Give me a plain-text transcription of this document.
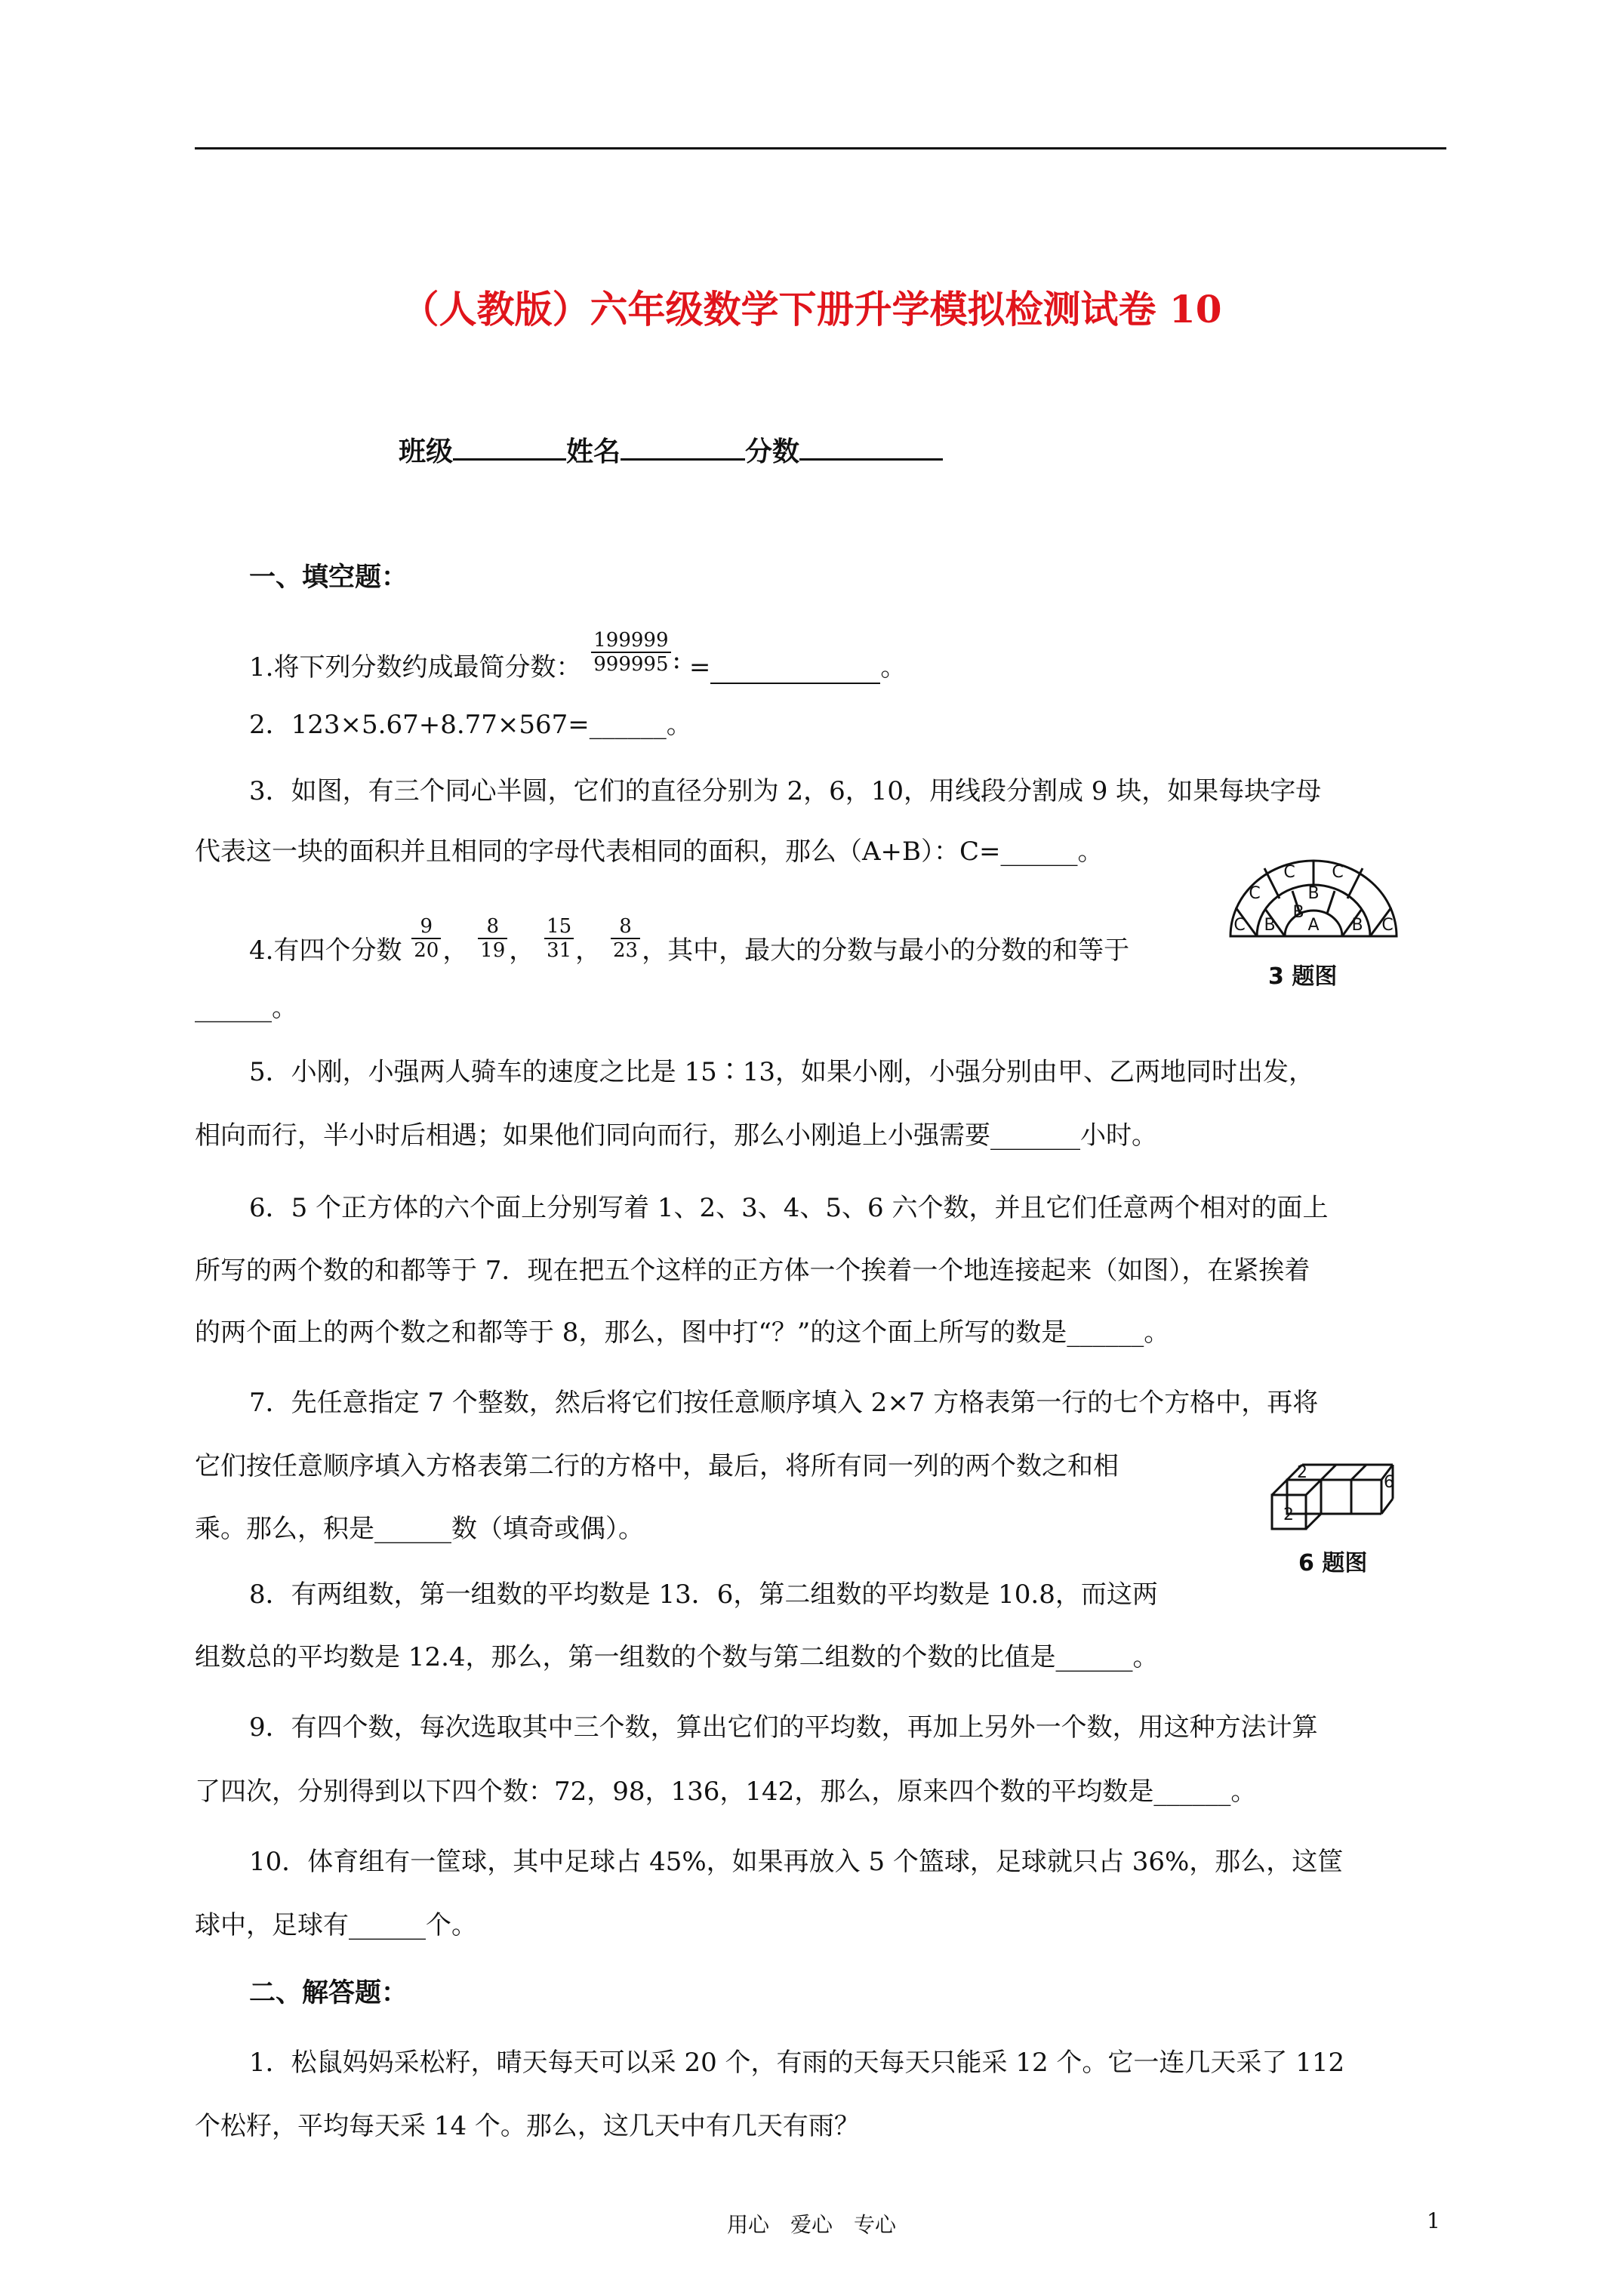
（人教版）六年级数学下册升学模拟检测试卷 10
班级	姓名	分数
一、填空题：
1.将下列分数约成最简分数： $\frac{199999}{999995}$ : =	。
2．123×5.67+8.77×567=______。
3．如图，有三个同心半圆，它们的直径分别为 2，6，10，用线段分割成 9 块，如果每块字母
代表这一块的面积并且相同的字母代表相同的面积，那么（A+B）：C=______。
4.有四个分数 $\frac{9}{20}$ ， $\frac{8}{19}$ ， $\frac{15}{31}$ ， $\frac{8}{23}$ ，其中，最大的分数与最小的分数的和等于
______。
C
C
C C
C
B
B
B
B
A
3 题图
5．小刚，小强两人骑车的速度之比是 15∶13，如果小刚，小强分别由甲、乙两地同时出发，
相向而行，半小时后相遇；如果他们同向而行，那么小刚追上小强需要_______小时。
6．5 个正方体的六个面上分别写着 1、2、3、4、5、6 六个数，并且它们任意两个相对的面上
所写的两个数的和都等于 7．现在把五个这样的正方体一个挨着一个地连接起来（如图），在紧挨着
的两个面上的两个数之和都等于 8，那么，图中打“？”的这个面上所写的数是______。
7．先任意指定 7 个整数，然后将它们按任意顺序填入 2×7 方格表第一行的七个方格中，再将
它们按任意顺序填入方格表第二行的方格中，最后，将所有同一列的两个数之和相
乘。那么，积是______数（填奇或偶）。
2
2
6
6 题图
8．有两组数，第一组数的平均数是 13．6，第二组数的平均数是 10.8，而这两
组数总的平均数是 12.4，那么，第一组数的个数与第二组数的个数的比值是______。
9．有四个数，每次选取其中三个数，算出它们的平均数，再加上另外一个数，用这种方法计算
了四次，分别得到以下四个数：72，98，136，142，那么，原来四个数的平均数是______。
10．体育组有一筐球，其中足球占 45%，如果再放入 5 个篮球，足球就只占 36%，那么，这筐
球中，足球有______个。
二、解答题：
1．松鼠妈妈采松籽，晴天每天可以采 20 个，有雨的天每天只能采 12 个。它一连几天采了 112
个松籽，平均每天采 14 个。那么，这几天中有几天有雨？
用心　爱心　专心	1
